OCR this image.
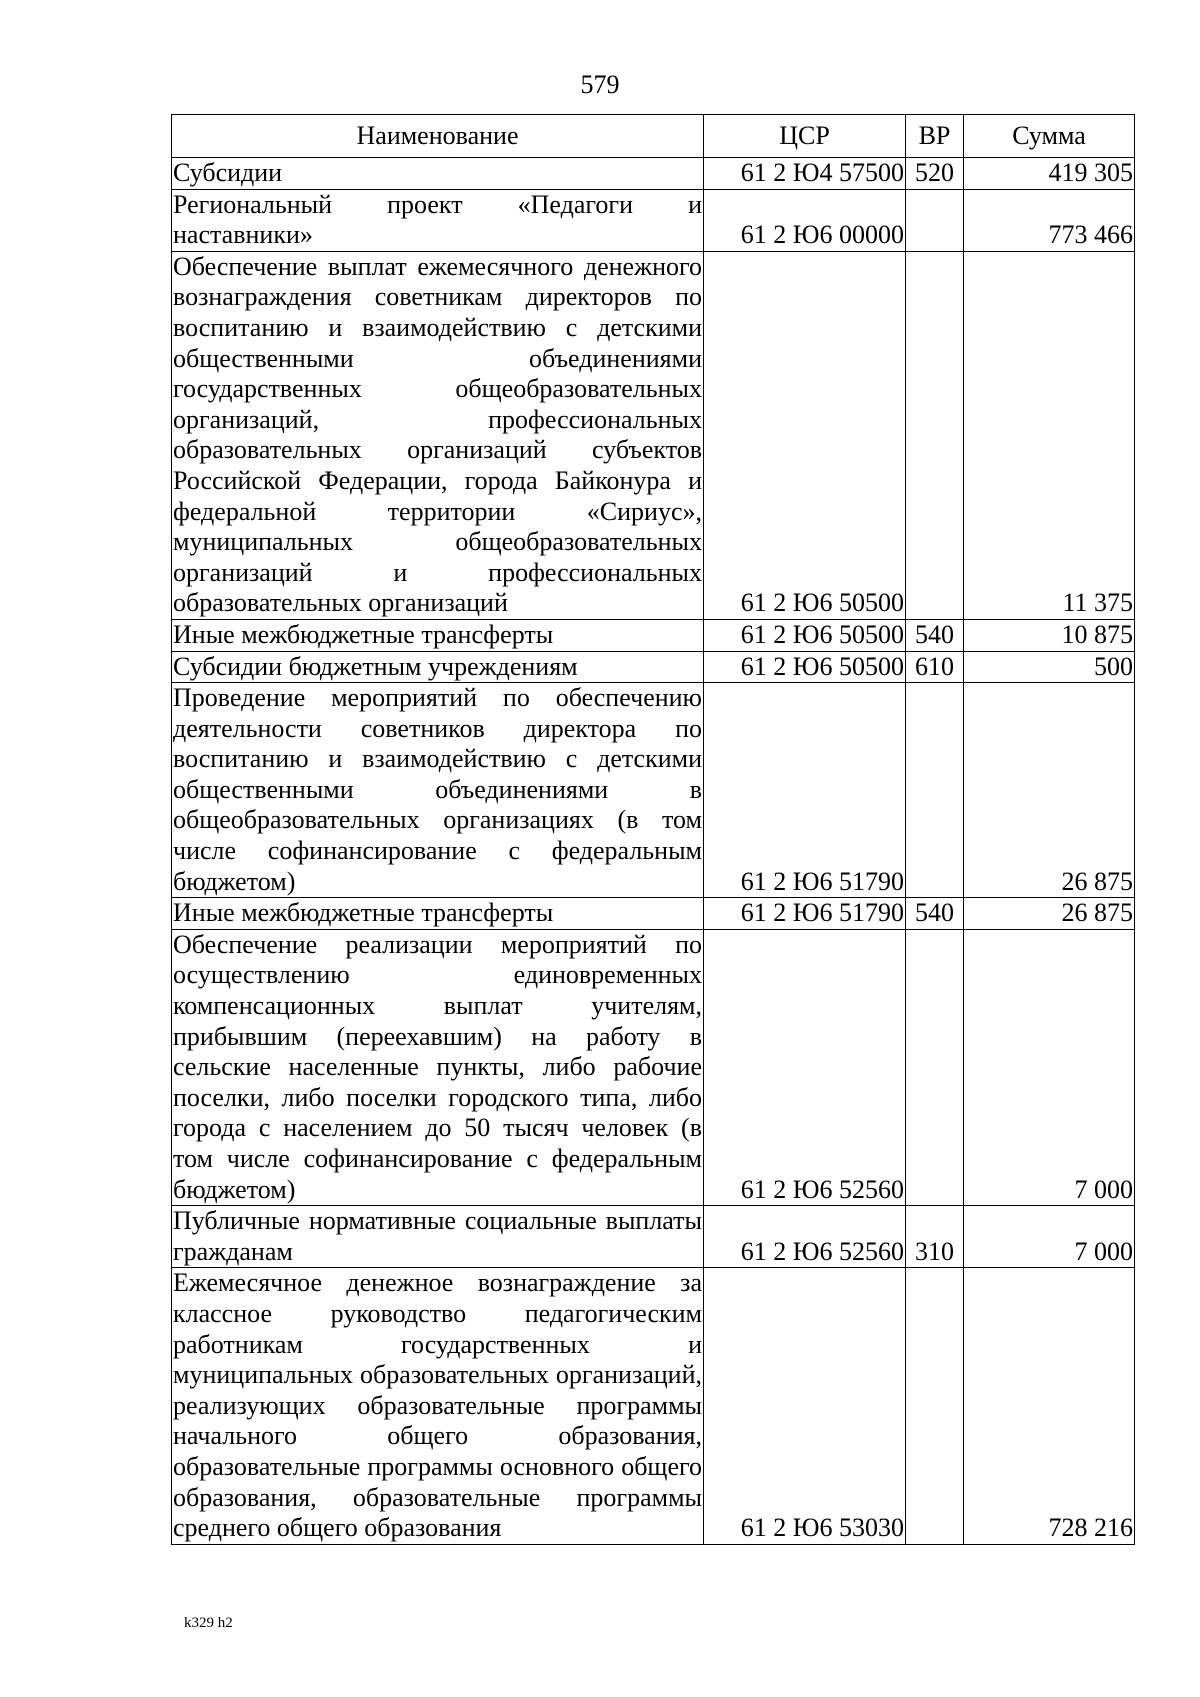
579
Наименование	ЦСР	ВР	Сумма
Субсидии	61 2 Ю4 57500	520	419 305
Региональный проект «Педагоги и наставники»	61 2 Ю6 00000		773 466
Обеспечение выплат ежемесячного денежного вознаграждения советникам директоров по воспитанию и взаимодействию с детскими общественными объединениями государственных общеобразовательных организаций, профессиональных образовательных организаций субъектов Российской Федерации, города Байконура и федеральной территории «Сириус», муниципальных общеобразовательных организаций и профессиональных образовательных организаций	61 2 Ю6 50500		11 375
Иные межбюджетные трансферты	61 2 Ю6 50500	540	10 875
Субсидии бюджетным учреждениям	61 2 Ю6 50500	610	500
Проведение мероприятий по обеспечению деятельности советников директора по воспитанию и взаимодействию с детскими общественными объединениями в общеобразовательных организациях (в том числе софинансирование с федеральным бюджетом)	61 2 Ю6 51790		26 875
Иные межбюджетные трансферты	61 2 Ю6 51790	540	26 875
Обеспечение реализации мероприятий по осуществлению единовременных компенсационных выплат учителям, прибывшим (переехавшим) на работу в сельские населенные пункты, либо рабочие поселки, либо поселки городского типа, либо города с населением до 50 тысяч человек (в том числе софинансирование с федеральным бюджетом)	61 2 Ю6 52560		7 000
Публичные нормативные социальные выплаты гражданам	61 2 Ю6 52560	310	7 000
Ежемесячное денежное вознаграждение за классное руководство педагогическим работникам государственных и муниципальных образовательных организаций, реализующих образовательные программы начального общего образования, образовательные программы основного общего образования, образовательные программы среднего общего образования	61 2 Ю6 53030		728 216
k329 h2
